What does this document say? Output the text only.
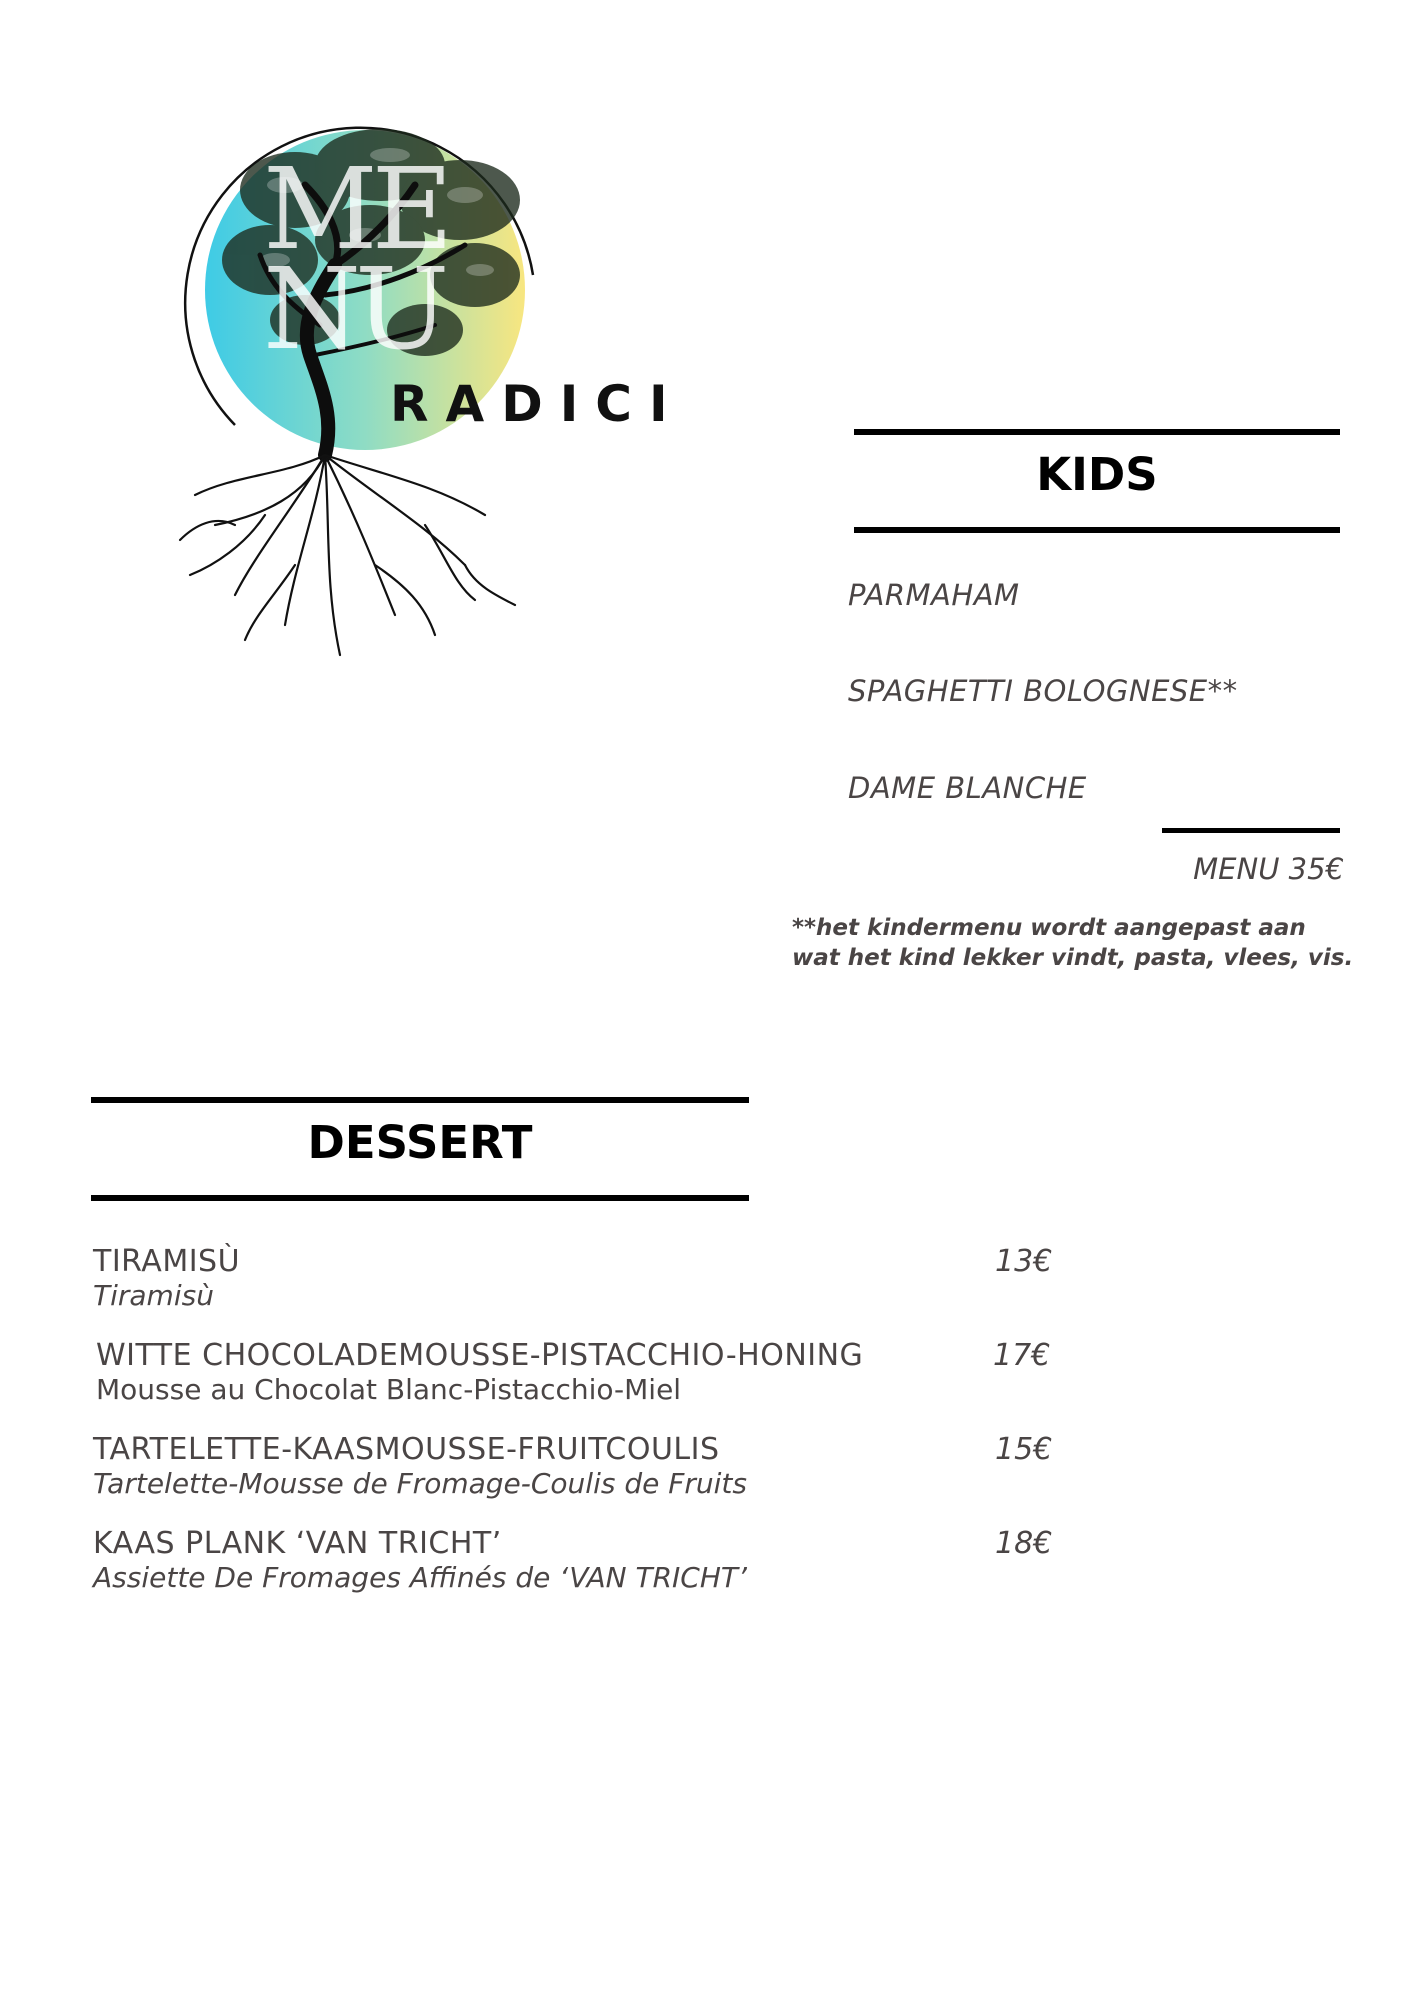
ME
NU
RADICI
KIDS
PARMAHAM
SPAGHETTI BOLOGNESE**
DAME BLANCHE
MENU 35€
**het kindermenu wordt aangepast aan
wat het kind lekker vindt, pasta, vlees, vis.
DESSERT
TIRAMISÙ
Tiramisù
13€
WITTE CHOCOLADEMOUSSE-PISTACCHIO-HONING
Mousse au Chocolat Blanc-Pistacchio-Miel
17€
TARTELETTE-KAASMOUSSE-FRUITCOULIS
Tartelette-Mousse de Fromage-Coulis de Fruits
15€
KAAS PLANK ‘VAN TRICHT’
Assiette De Fromages Affinés de ‘VAN TRICHT’
18€
